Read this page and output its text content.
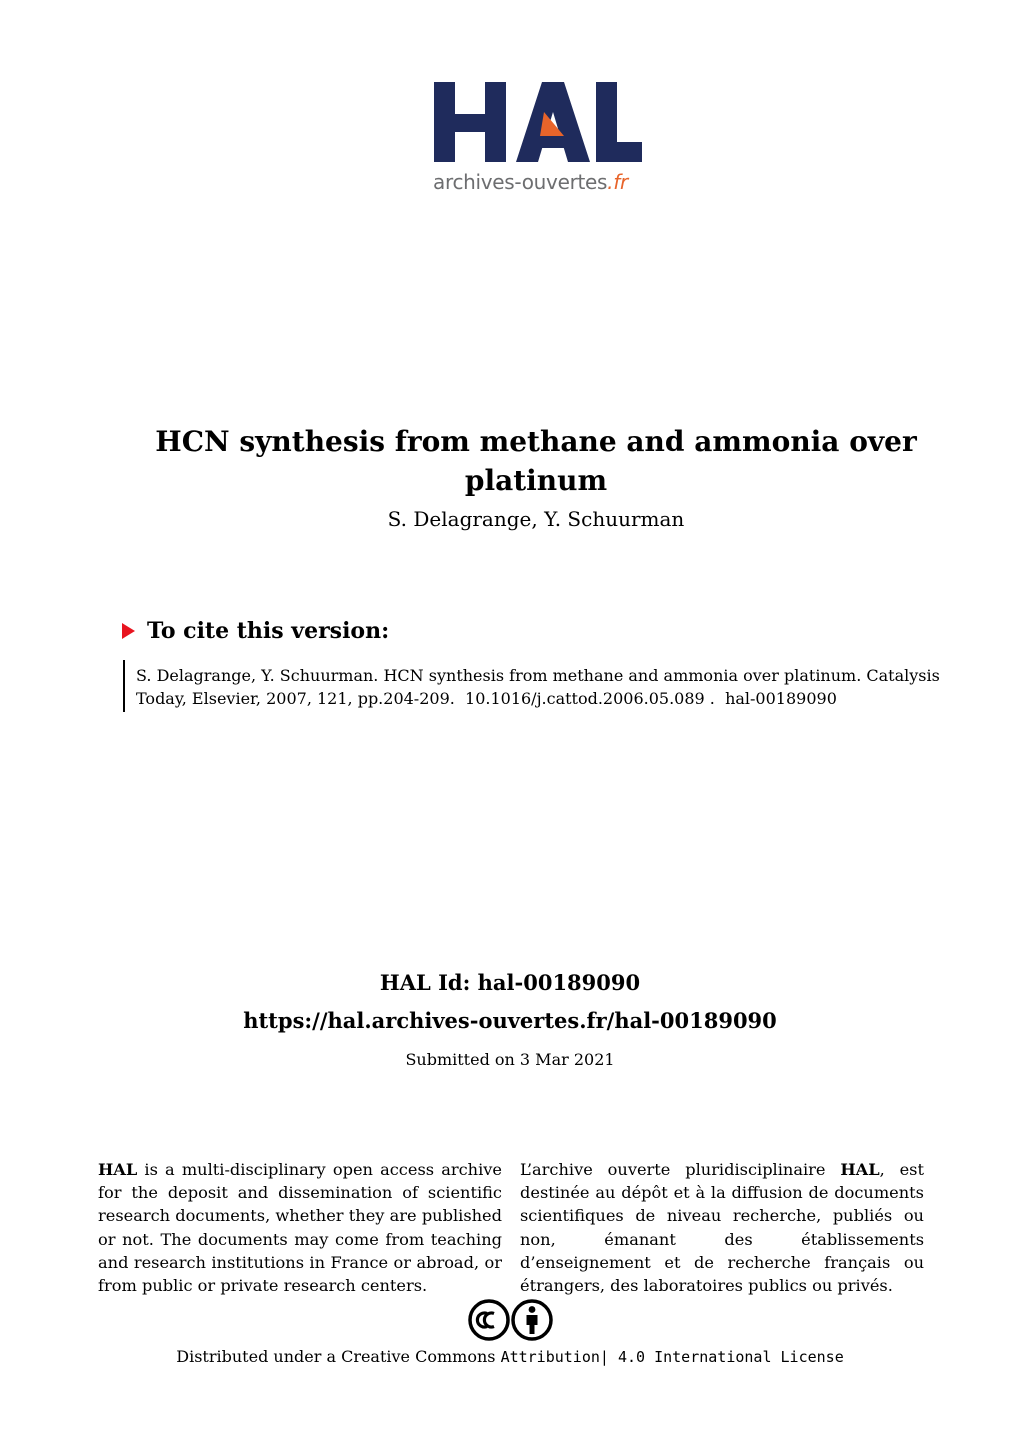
archives-ouvertes.fr
HCN synthesis from methane and ammonia over platinum
S. Delagrange, Y. Schuurman
To cite this version:
S. Delagrange, Y. Schuurman. HCN synthesis from methane and ammonia over platinum. Catalysis Today, Elsevier, 2007, 121, pp.204-209.  10.1016/j.cattod.2006.05.089 .  hal-00189090
HAL Id: hal-00189090
https://hal.archives-ouvertes.fr/hal-00189090
Submitted on 3 Mar 2021
HAL is a multi-disciplinary open access archive for the deposit and dissemination of scientific research documents, whether they are published or not. The documents may come from teaching and research institutions in France or abroad, or from public or private research centers.
L’archive ouverte pluridisciplinaire HAL, est destinée au dépôt et à la diffusion de documents scientifiques de niveau recherche, publiés ou non, émanant des établissements d’enseignement et de recherche français ou étrangers, des laboratoires publics ou privés.
Distributed under a Creative Commons Attribution| 4.0 International License
